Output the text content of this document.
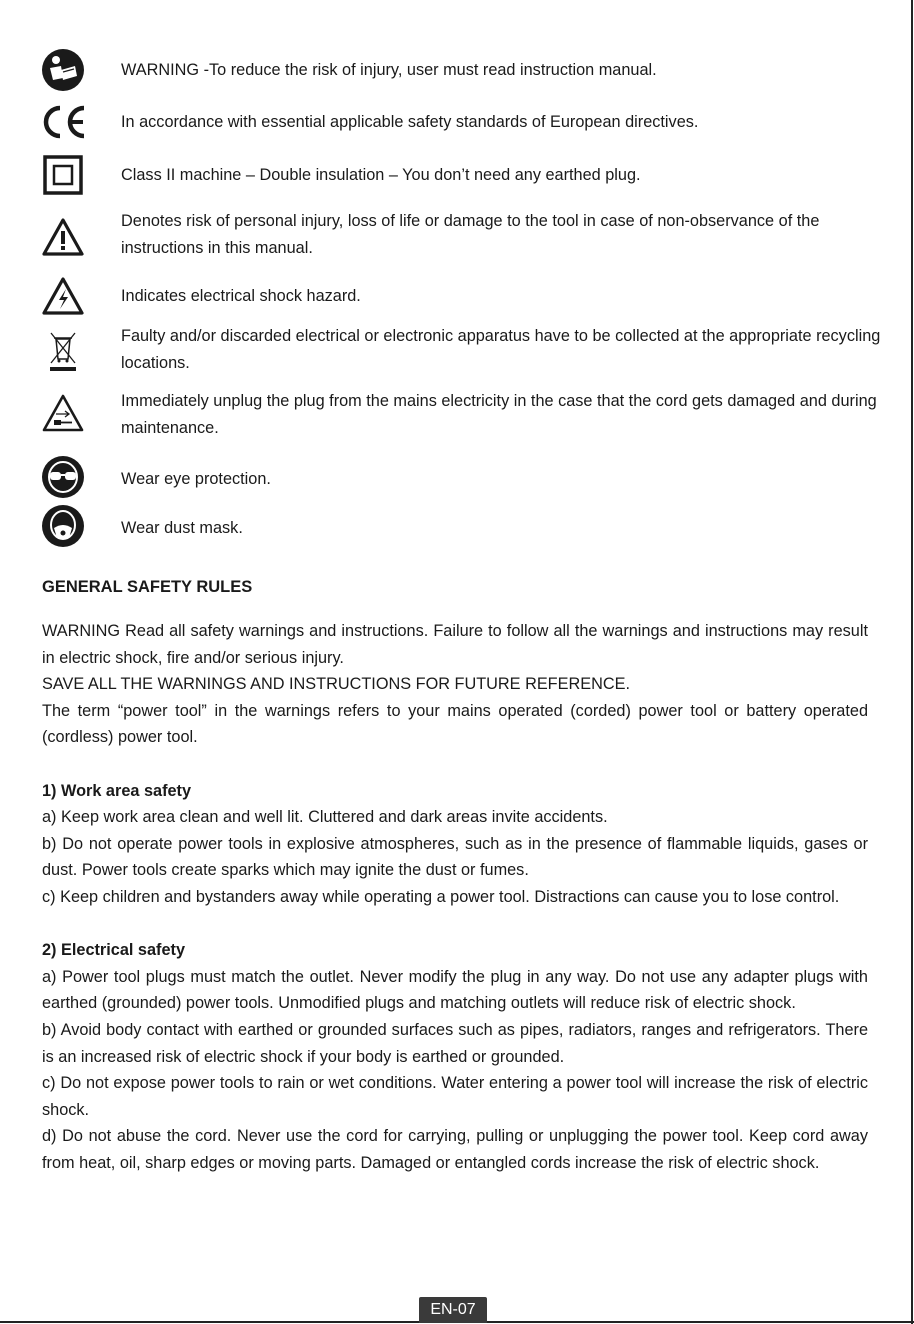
WARNING -To reduce the risk of injury, user must read instruction manual.
In accordance with essential applicable safety standards of European directives.
Class II machine – Double insulation – You don’t need any earthed plug.
Denotes risk of personal injury, loss of life or damage to the tool in case of non-observance of the instructions in this manual.
Indicates electrical shock hazard.
Faulty and/or discarded electrical or electronic apparatus have to be collected at the appropriate recycling locations.
Immediately unplug the plug from the mains electricity in the case that the cord gets damaged and during maintenance.
Wear eye protection.
Wear dust mask.
GENERAL SAFETY RULES

WARNING Read all safety warnings and instructions. Failure to follow all the warnings and instructions may result in electric shock, fire and/or serious injury.

SAVE ALL THE WARNINGS AND INSTRUCTIONS FOR FUTURE REFERENCE.

The term “power tool” in the warnings refers to your mains operated (corded) power tool or battery operated (cordless) power tool.

1) Work area safety

a) Keep work area clean and well lit. Cluttered and dark areas invite accidents.

b) Do not operate power tools in explosive atmospheres, such as in the presence of flammable liquids, gases or dust. Power tools create sparks which may ignite the dust or fumes.

c) Keep children and bystanders away while operating a power tool. Distractions can cause you to lose control.

2) Electrical safety

a) Power tool plugs must match the outlet. Never modify the plug in any way. Do not use any adapter plugs with earthed (grounded) power tools. Unmodified plugs and matching outlets will reduce risk of electric shock.

b) Avoid body contact with earthed or grounded surfaces such as pipes, radiators, ranges and refrigerators. There is an increased risk of electric shock if your body is earthed or grounded.

c) Do not expose power tools to rain or wet conditions. Water entering a power tool will increase the risk of electric shock.

d) Do not abuse the cord. Never use the cord for carrying, pulling or unplugging the power tool. Keep cord away from heat, oil, sharp edges or moving parts. Damaged or entangled cords increase the risk of electric shock.

EN-07
